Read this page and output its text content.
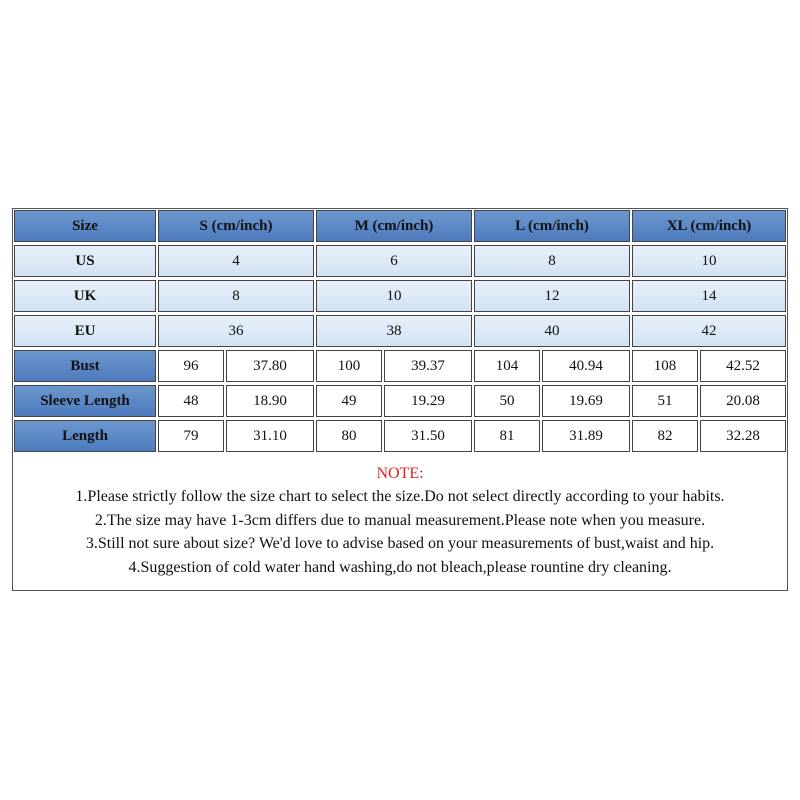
Size	S (cm/inch)	M (cm/inch)	L (cm/inch)	XL (cm/inch)
US	4	6	8	10
UK	8	10	12	14
EU	36	38	40	42
Bust	96	37.80	100	39.37	104	40.94	108	42.52
Sleeve Length	48	18.90	49	19.29	50	19.69	51	20.08
Length	79	31.10	80	31.50	81	31.89	82	32.28
NOTE:
1.Please strictly follow the size chart to select the size.Do not select directly according to your habits.
2.The size may have 1-3cm differs due to manual measurement.Please note when you measure.
3.Still not sure about size? We'd love to advise based on your measurements of bust,waist and hip.
4.Suggestion of cold water hand washing,do not bleach,please rountine dry cleaning.
